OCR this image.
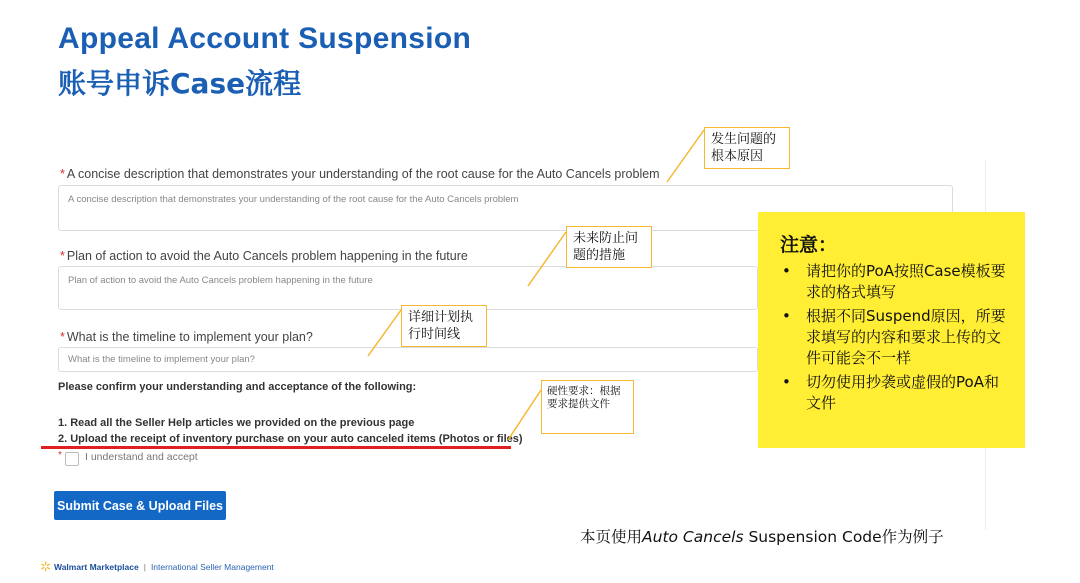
Appeal Account Suspension
账号申诉Case流程
* A concise description that demonstrates your understanding of the root cause for the Auto Cancels problem
A concise description that demonstrates your understanding of the root cause for the Auto Cancels problem
* Plan of action to avoid the Auto Cancels problem happening in the future
Plan of action to avoid the Auto Cancels problem happening in the future
* What is the timeline to implement your plan?
What is the timeline to implement your plan?
Please confirm your understanding and acceptance of the following:
1. Read all the Seller Help articles we provided on the previous page
2. Upload the receipt of inventory purchase on your auto canceled items (Photos or files)
* I understand and accept
Submit Case & Upload Files
发生问题的根本原因
未来防止问题的措施
详细计划执行时间线
硬性要求：根据要求提供文件
注意：
• 请把你的PoA按照Case模板要求的格式填写
• 根据不同Suspend原因，所要求填写的内容和要求上传的文件可能会不一样
• 切勿使用抄袭或虚假的PoA和文件
本页使用Auto Cancels Suspension Code作为例子
Walmart Marketplace | International Seller Management
